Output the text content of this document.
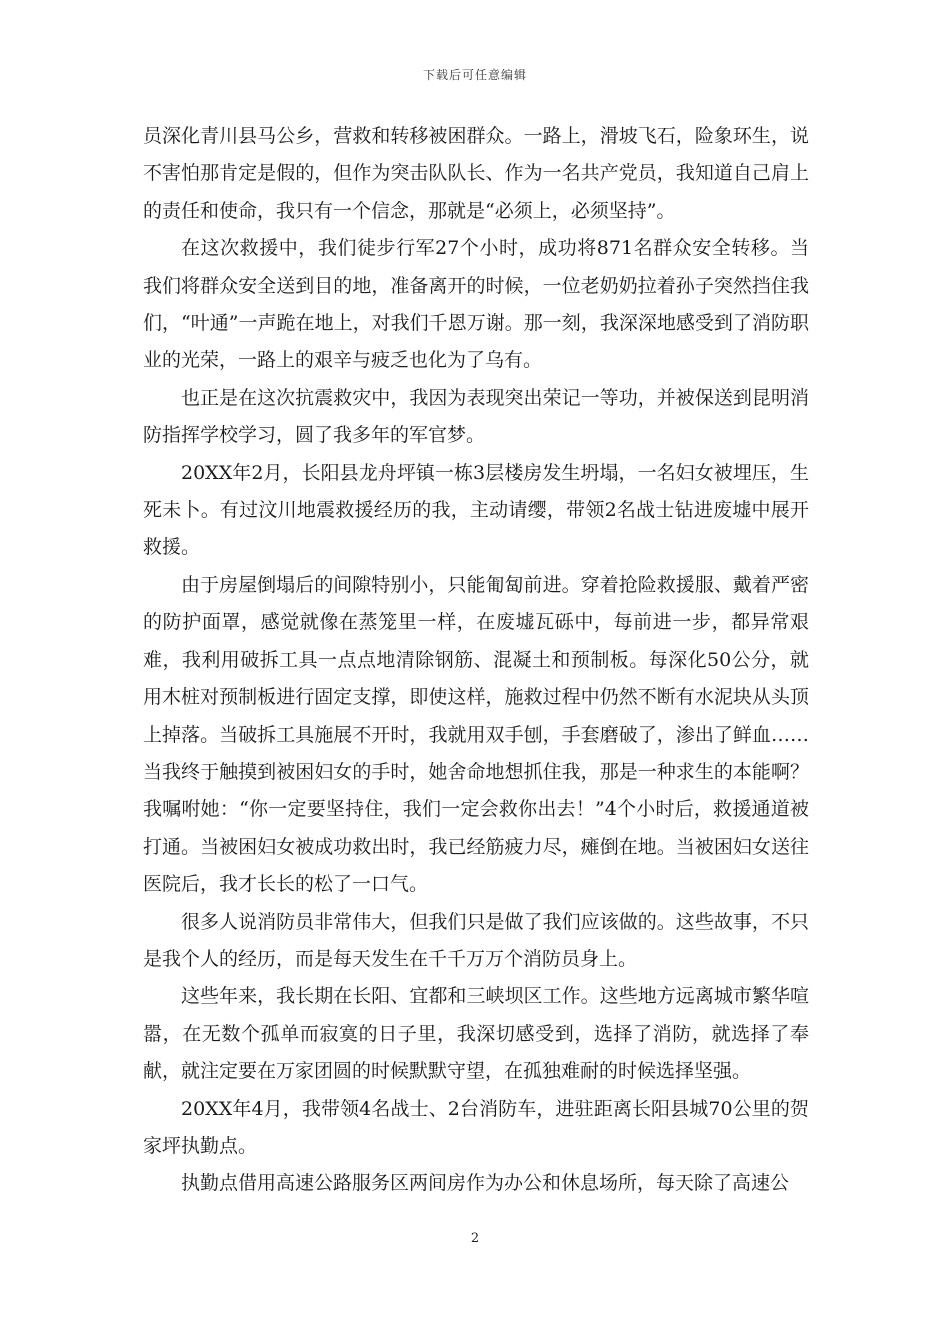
下载后可任意编辑

员深化青川县马公乡，营救和转移被困群众。一路上，滑坡飞石，险象环生，说不害怕那肯定是假的，但作为突击队队长、作为一名共产党员，我知道自己肩上的责任和使命，我只有一个信念，那就是“必须上，必须坚持”。

在这次救援中，我们徒步行军27个小时，成功将871名群众安全转移。当我们将群众安全送到目的地，准备离开的时候，一位老奶奶拉着孙子突然挡住我们，“叶通”一声跪在地上，对我们千恩万谢。那一刻，我深深地感受到了消防职业的光荣，一路上的艰辛与疲乏也化为了乌有。

也正是在这次抗震救灾中，我因为表现突出荣记一等功，并被保送到昆明消防指挥学校学习，圆了我多年的军官梦。

20XX年2月，长阳县龙舟坪镇一栋3层楼房发生坍塌，一名妇女被埋压，生死未卜。有过汶川地震救援经历的我，主动请缨，带领2名战士钻进废墟中展开救援。

由于房屋倒塌后的间隙特别小，只能匍匐前进。穿着抢险救援服、戴着严密的防护面罩，感觉就像在蒸笼里一样，在废墟瓦砾中，每前进一步，都异常艰难，我利用破拆工具一点点地清除钢筋、混凝土和预制板。每深化50公分，就用木桩对预制板进行固定支撑，即使这样，施救过程中仍然不断有水泥块从头顶上掉落。当破拆工具施展不开时，我就用双手刨，手套磨破了，渗出了鲜血…… 当我终于触摸到被困妇女的手时，她舍命地想抓住我，那是一种求生的本能啊？我嘱咐她：“你一定要坚持住，我们一定会救你出去！”4个小时后，救援通道被打通。当被困妇女被成功救出时，我已经筋疲力尽，瘫倒在地。当被困妇女送往医院后，我才长长的松了一口气。

很多人说消防员非常伟大，但我们只是做了我们应该做的。这些故事，不只是我个人的经历，而是每天发生在千千万万个消防员身上。

这些年来，我长期在长阳、宜都和三峡坝区工作。这些地方远离城市繁华喧嚣，在无数个孤单而寂寞的日子里，我深切感受到，选择了消防，就选择了奉献，就注定要在万家团圆的时候默默守望，在孤独难耐的时候选择坚强。

20XX年4月，我带领4名战士、2台消防车，进驻距离长阳县城70公里的贺家坪执勤点。

执勤点借用高速公路服务区两间房作为办公和休息场所，每天除了高速公

2
